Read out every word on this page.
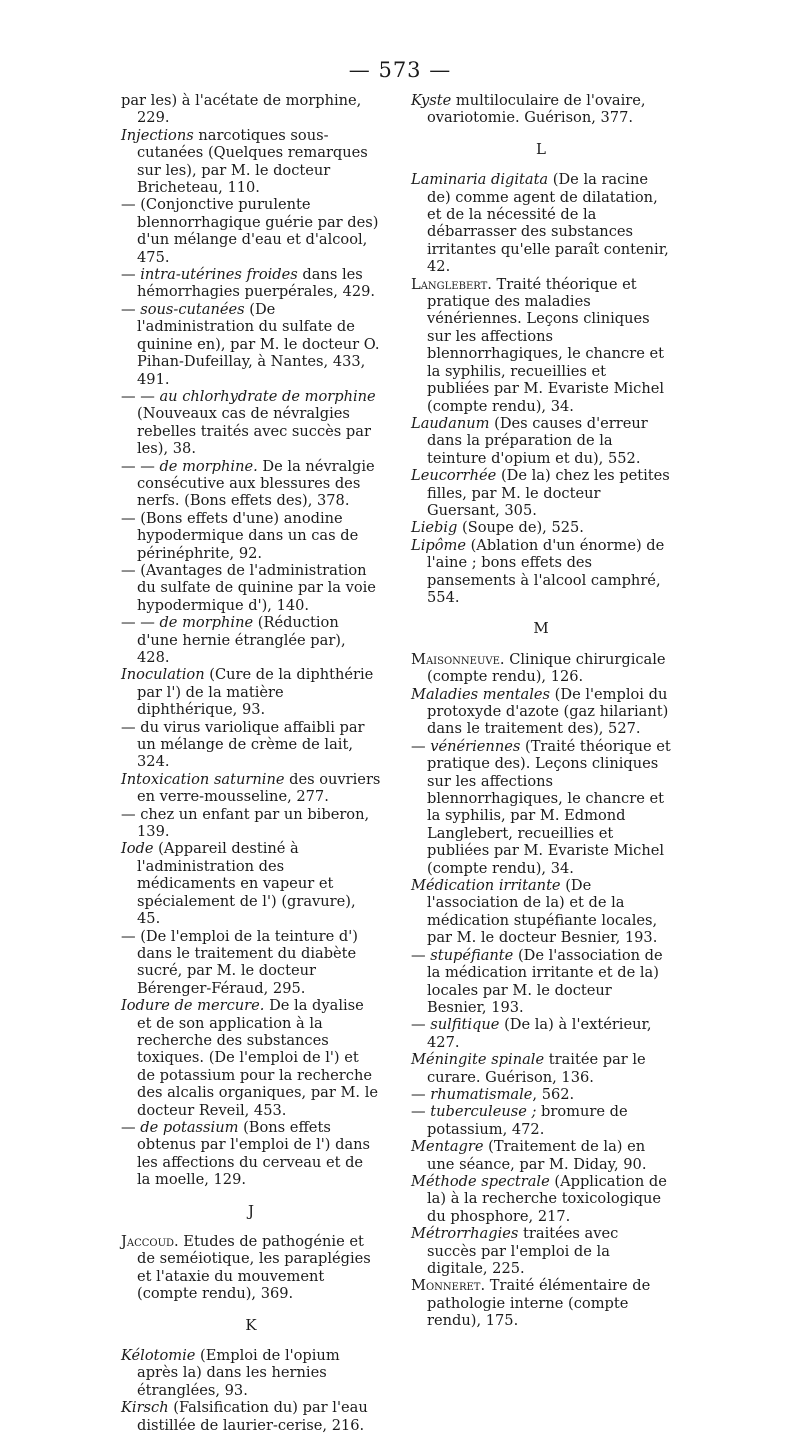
— 573 —
par les) à l'acétate de morphine, 229.
Injections narcotiques sous-cutanées (Quelques remarques sur les), par M. le docteur Bricheteau, 110.
— (Conjonctive purulente blennorrhagique guérie par des) d'un mélange d'eau et d'alcool, 475.
— intra-utérines froides dans les hémorrhagies puerpérales, 429.
— sous-cutanées (De l'administration du sulfate de quinine en), par M. le docteur O. Pihan-Dufeillay, à Nantes, 433, 491.
— — au chlorhydrate de morphine (Nouveaux cas de névralgies rebelles traités avec succès par les), 38.
— — de morphine. De la névralgie consécutive aux blessures des nerfs. (Bons effets des), 378.
— (Bons effets d'une) anodine hypodermique dans un cas de périnéphrite, 92.
— (Avantages de l'administration du sulfate de quinine par la voie hypodermique d'), 140.
— — de morphine (Réduction d'une hernie étranglée par), 428.
Inoculation (Cure de la diphthérie par l') de la matière diphthérique, 93.
— du virus variolique affaibli par un mélange de crème de lait, 324.
Intoxication saturnine des ouvriers en verre-mousseline, 277.
— chez un enfant par un biberon, 139.
Iode (Appareil destiné à l'administration des médicaments en vapeur et spécialement de l') (gravure), 45.
— (De l'emploi de la teinture d') dans le traitement du diabète sucré, par M. le docteur Bérenger-Féraud, 295.
Iodure de mercure. De la dyalise et de son application à la recherche des substances toxiques. (De l'emploi de l') et de potassium pour la recherche des alcalis organiques, par M. le docteur Reveil, 453.
— de potassium (Bons effets obtenus par l'emploi de l') dans les affections du cerveau et de la moelle, 129.
J
Jaccoud. Etudes de pathogénie et de seméiotique, les paraplégies et l'ataxie du mouvement (compte rendu), 369.
K
Kélotomie (Emploi de l'opium après la) dans les hernies étranglées, 93.
Kirsch (Falsification du) par l'eau distillée de laurier-cerise, 216.
Kyste multiloculaire de l'ovaire, ovariotomie. Guérison, 377.
L
Laminaria digitata (De la racine de) comme agent de dilatation, et de la nécessité de la débarrasser des substances irritantes qu'elle paraît contenir, 42.
Langlebert. Traité théorique et pratique des maladies vénériennes. Leçons cliniques sur les affections blennorrhagiques, le chancre et la syphilis, recueillies et publiées par M. Evariste Michel (compte rendu), 34.
Laudanum (Des causes d'erreur dans la préparation de la teinture d'opium et du), 552.
Leucorrhée (De la) chez les petites filles, par M. le docteur Guersant, 305.
Liebig (Soupe de), 525.
Lipôme (Ablation d'un énorme) de l'aine ; bons effets des pansements à l'alcool camphré, 554.
M
Maisonneuve. Clinique chirurgicale (compte rendu), 126.
Maladies mentales (De l'emploi du protoxyde d'azote (gaz hilariant) dans le traitement des), 527.
— vénériennes (Traité théorique et pratique des). Leçons cliniques sur les affections blennorrhagiques, le chancre et la syphilis, par M. Edmond Langlebert, recueillies et publiées par M. Evariste Michel (compte rendu), 34.
Médication irritante (De l'association de la) et de la médication stupéfiante locales, par M. le docteur Besnier, 193.
— stupéfiante (De l'association de la médication irritante et de la) locales par M. le docteur Besnier, 193.
— sulfitique (De la) à l'extérieur, 427.
Méningite spinale traitée par le curare. Guérison, 136.
— rhumatismale, 562.
— tuberculeuse ; bromure de potassium, 472.
Mentagre (Traitement de la) en une séance, par M. Diday, 90.
Méthode spectrale (Application de la) à la recherche toxicologique du phosphore, 217.
Métrorrhagies traitées avec succès par l'emploi de la digitale, 225.
Monneret. Traité élémentaire de pathologie interne (compte rendu), 175.
